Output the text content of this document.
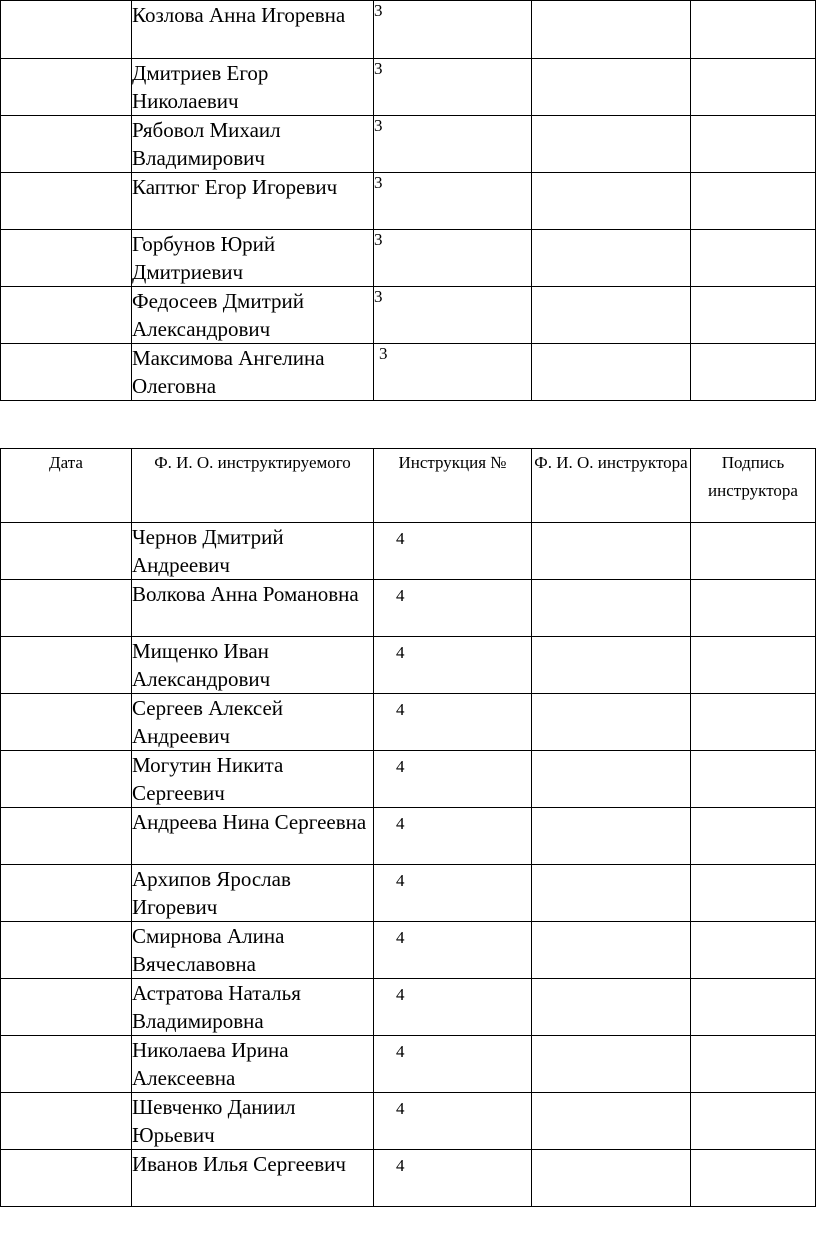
	Козлова Анна Игоревна	3		
	Дмитриев Егор Николаевич	3		
	Рябовол Михаил Владимирович	3		
	Каптюг Егор Игоревич	3		
	Горбунов Юрий Дмитриевич	3		
	Федосеев Дмитрий Александрович	3		
	Максимова Ангелина Олеговна	3		
Дата	Ф. И. О. инструктируемого	Инструкция №	Ф. И. О. инструктора	Подпись инструктора
	Чернов Дмитрий Андреевич	4		
	Волкова Анна Романовна	4		
	Мищенко Иван Александрович	4		
	Сергеев Алексей Андреевич	4		
	Могутин Никита Сергеевич	4		
	Андреева Нина Сергеевна	4		
	Архипов Ярослав Игоревич	4		
	Смирнова Алина Вячеславовна	4		
	Астратова Наталья Владимировна	4		
	Николаева Ирина Алексеевна	4		
	Шевченко Даниил Юрьевич	4		
	Иванов Илья Сергеевич	4		
